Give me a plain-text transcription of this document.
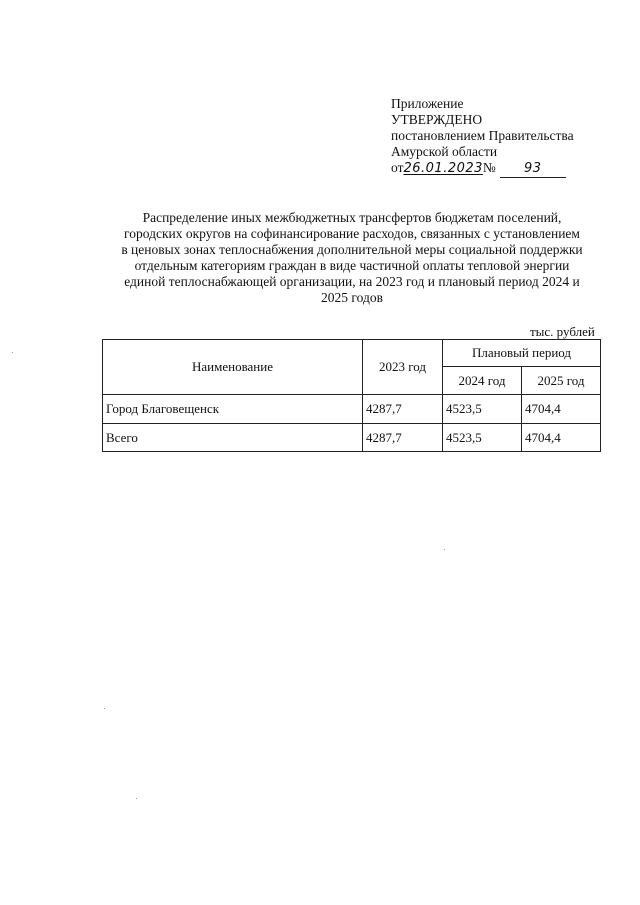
Приложение
УТВЕРЖДЕНО
постановлением Правительства
Амурской области
от26.01.2023№ 93
Распределение иных межбюджетных трансфертов бюджетам поселений,
городских округов на софинансирование расходов, связанных с установлением
в ценовых зонах теплоснабжения дополнительной меры социальной поддержки
отдельным категориям граждан в виде частичной оплаты тепловой энергии
единой теплоснабжающей организации, на 2023 год и плановый период 2024 и
2025 годов
тыс. рублей
Наименование	2023 год	Плановый период	
		2024 год	2025 год
Город Благовещенск	4287,7	4523,5	4704,4
Всего	4287,7	4523,5	4704,4
